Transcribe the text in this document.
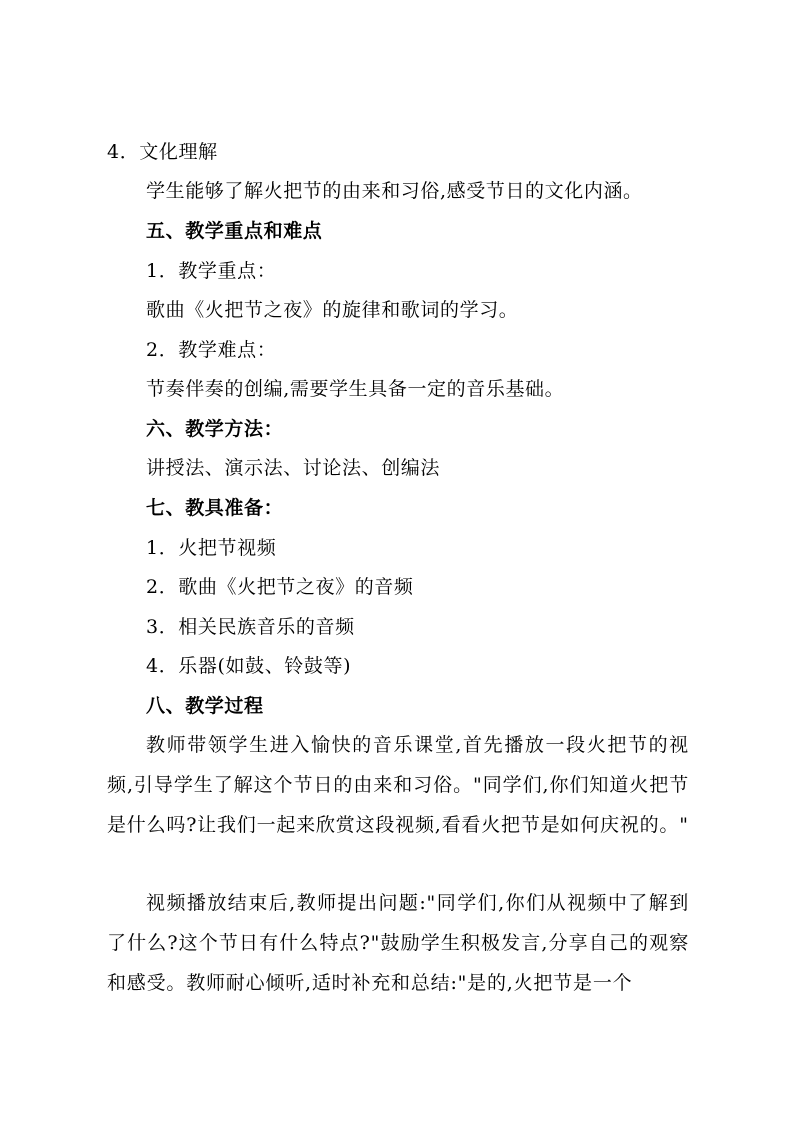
4．文化理解
学生能够了解火把节的由来和习俗,感受节日的文化内涵。
五、教学重点和难点
1．教学重点：
歌曲《火把节之夜》的旋律和歌词的学习。
2．教学难点：
节奏伴奏的创编,需要学生具备一定的音乐基础。
六、教学方法：
讲授法、演示法、讨论法、创编法
七、教具准备：
1．火把节视频
2．歌曲《火把节之夜》的音频
3．相关民族音乐的音频
4．乐器(如鼓、铃鼓等)
八、教学过程
教师带领学生进入愉快的音乐课堂,首先播放一段火把节的视频,引导学生了解这个节日的由来和习俗。"同学们,你们知道火把节是什么吗?让我们一起来欣赏这段视频,看看火把节是如何庆祝的。"
视频播放结束后,教师提出问题:"同学们,你们从视频中了解到了什么?这个节日有什么特点?"鼓励学生积极发言,分享自己的观察和感受。教师耐心倾听,适时补充和总结:"是的,火把节是一个
